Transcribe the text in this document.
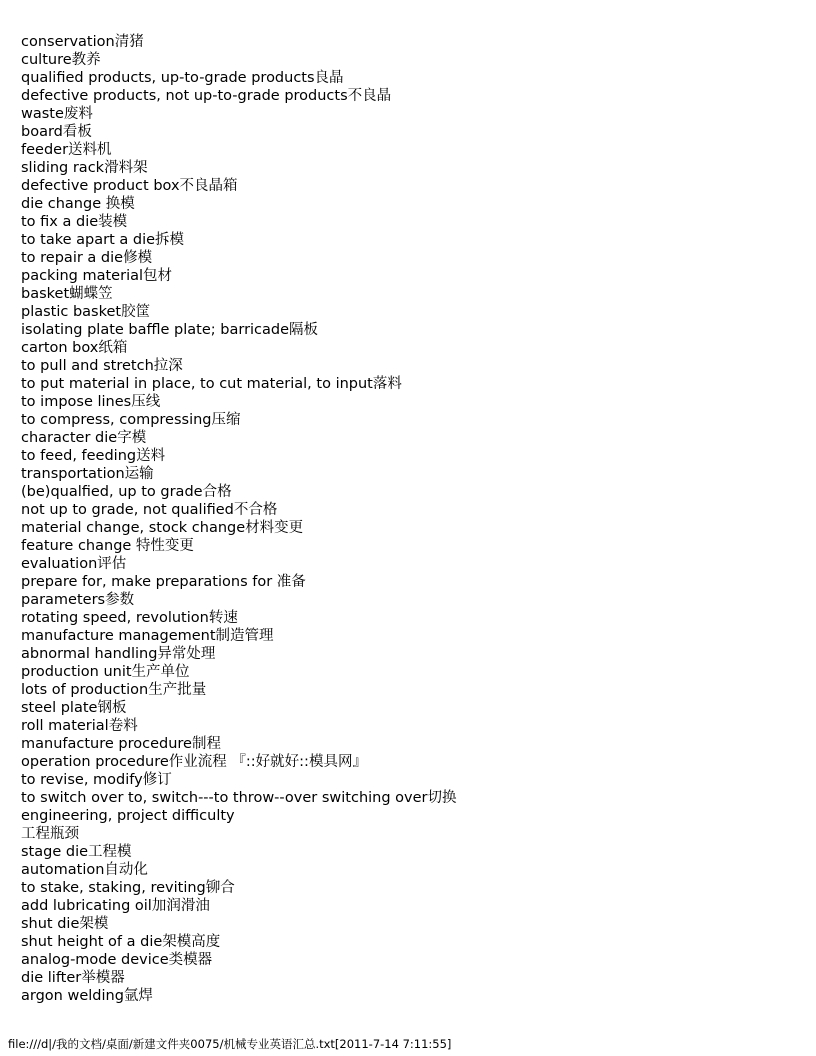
conservation清猪
culture教养
qualified products, up-to-grade products良晶
defective products, not up-to-grade products不良晶
waste废料
board看板
feeder送料机
sliding rack滑料架
defective product box不良晶箱
die change 换模
to fix a die装模
to take apart a die拆模
to repair a die修模
packing material包材
basket蝴蝶笠
plastic basket胶筐
isolating plate baffle plate; barricade隔板
carton box纸箱
to pull and stretch拉深
to put material in place, to cut material, to input落料
to impose lines压线
to compress, compressing压缩
character die字模
to feed, feeding送料
transportation运输
(be)qualfied, up to grade合格
not up to grade, not qualified不合格
material change, stock change材料变更
feature change 特性变更
evaluation评估
prepare for, make preparations for 准备
parameters参数
rotating speed, revolution转速
manufacture management制造管理
abnormal handling异常处理
production unit生产单位
lots of production生产批量
steel plate钢板
roll material卷料
manufacture procedure制程
operation procedure作业流程 『::好就好::模具网』
to revise, modify修订
to switch over to, switch---to throw--over switching over切换
engineering, project difficulty
工程瓶颈
stage die工程模
automation自动化
to stake, staking, reviting铆合
add lubricating oil加润滑油
shut die架模
shut height of a die架模高度
analog-mode device类模器
die lifter举模器
argon welding氩焊
file:///d|/我的文档/桌面/新建文件夹0075/机械专业英语汇总.txt[2011-7-14 7:11:55]
